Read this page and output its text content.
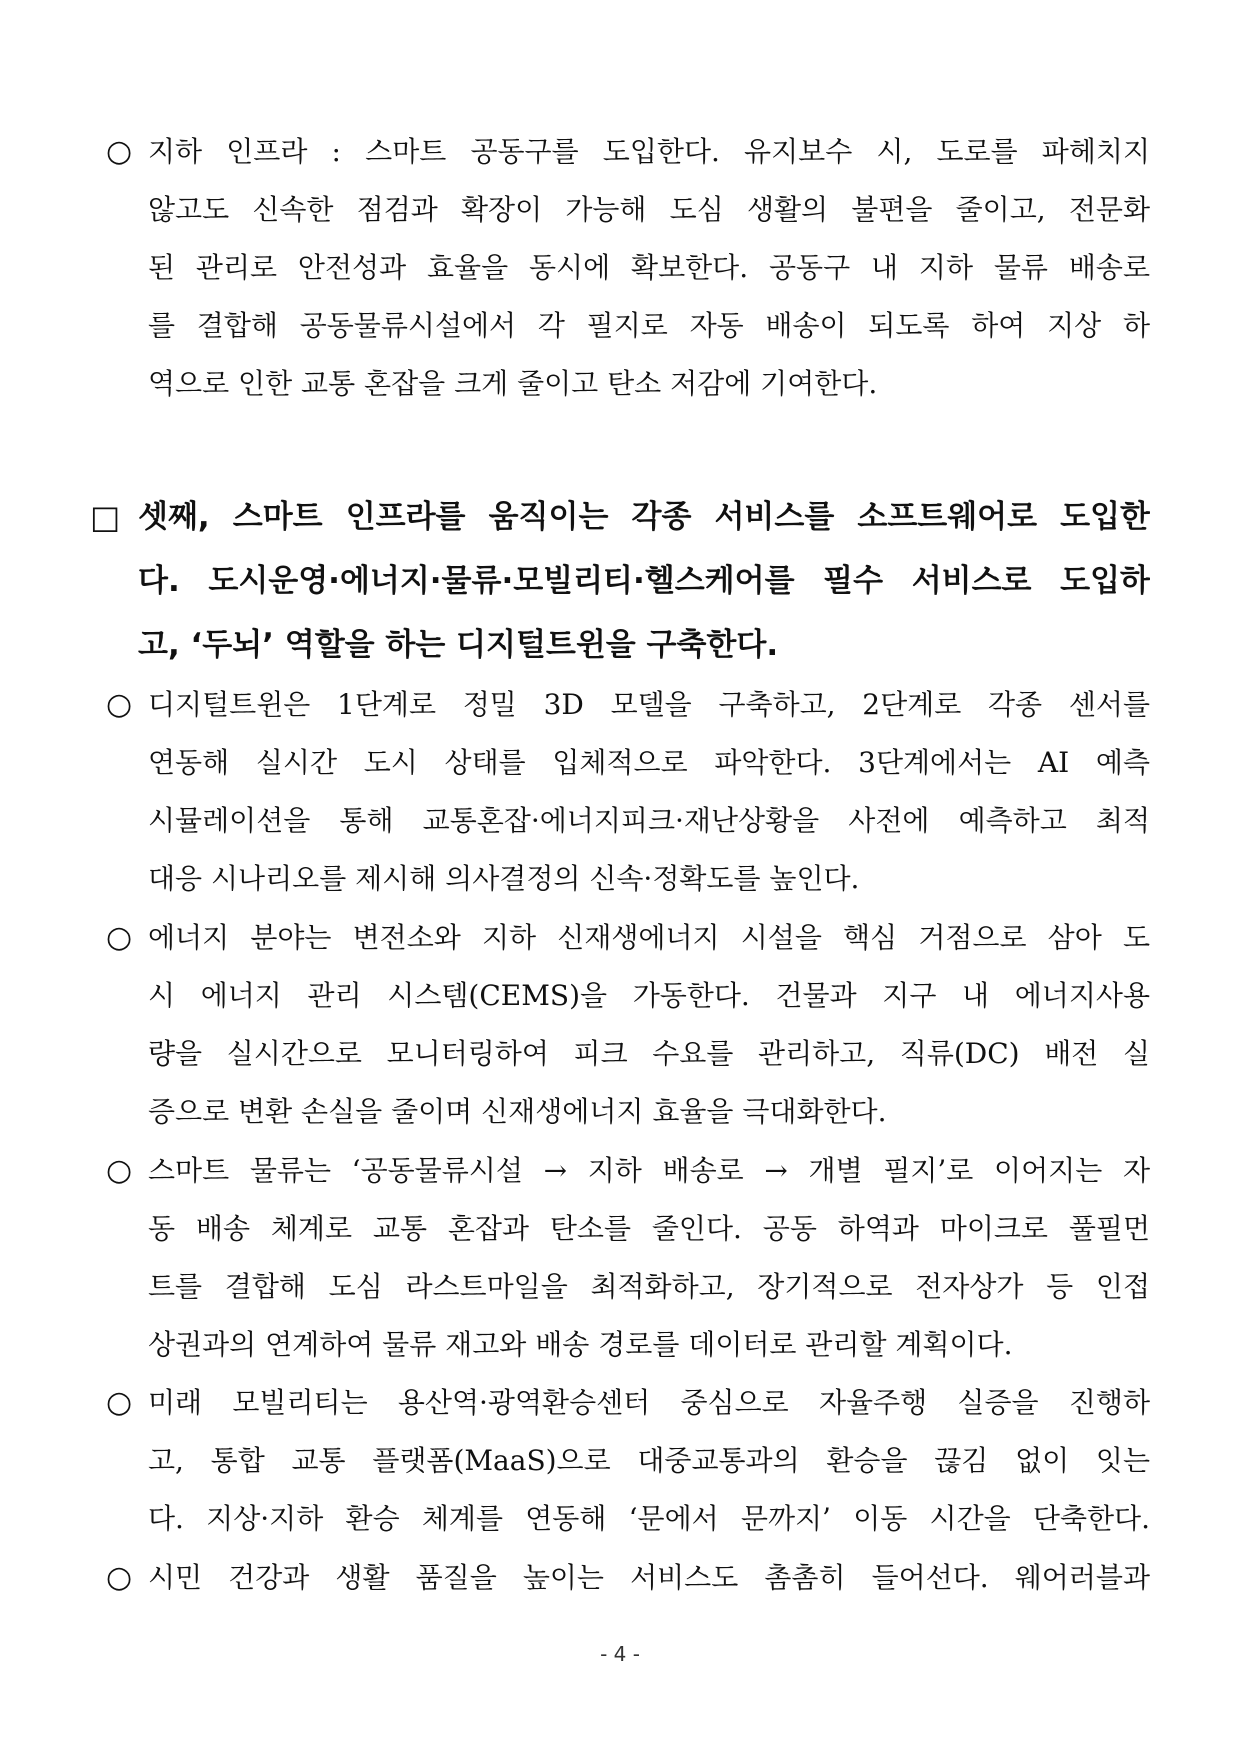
○ 지하 인프라 : 스마트 공동구를 도입한다. 유지보수 시, 도로를 파헤치지
않고도 신속한 점검과 확장이 가능해 도심 생활의 불편을 줄이고, 전문화
된 관리로 안전성과 효율을 동시에 확보한다. 공동구 내 지하 물류 배송로
를 결합해 공동물류시설에서 각 필지로 자동 배송이 되도록 하여 지상 하
역으로 인한 교통 혼잡을 크게 줄이고 탄소 저감에 기여한다.
□ 셋째, 스마트 인프라를 움직이는 각종 서비스를 소프트웨어로 도입한
다. 도시운영·에너지·물류·모빌리티·헬스케어를 필수 서비스로 도입하
고, ‘두뇌’ 역할을 하는 디지털트윈을 구축한다.
○ 디지털트윈은 1단계로 정밀 3D 모델을 구축하고, 2단계로 각종 센서를
연동해 실시간 도시 상태를 입체적으로 파악한다. 3단계에서는 AI 예측
시뮬레이션을 통해 교통혼잡·에너지피크·재난상황을 사전에 예측하고 최적
대응 시나리오를 제시해 의사결정의 신속·정확도를 높인다.
○ 에너지 분야는 변전소와 지하 신재생에너지 시설을 핵심 거점으로 삼아 도
시 에너지 관리 시스템(CEMS)을 가동한다. 건물과 지구 내 에너지사용
량을 실시간으로 모니터링하여 피크 수요를 관리하고, 직류(DC) 배전 실
증으로 변환 손실을 줄이며 신재생에너지 효율을 극대화한다.
○ 스마트 물류는 ‘공동물류시설 → 지하 배송로 → 개별 필지’로 이어지는 자
동 배송 체계로 교통 혼잡과 탄소를 줄인다. 공동 하역과 마이크로 풀필먼
트를 결합해 도심 라스트마일을 최적화하고, 장기적으로 전자상가 등 인접
상권과의 연계하여 물류 재고와 배송 경로를 데이터로 관리할 계획이다.
○ 미래 모빌리티는 용산역·광역환승센터 중심으로 자율주행 실증을 진행하
고, 통합 교통 플랫폼(MaaS)으로 대중교통과의 환승을 끊김 없이 잇는
다. 지상·지하 환승 체계를 연동해 ‘문에서 문까지’ 이동 시간을 단축한다.
○ 시민 건강과 생활 품질을 높이는 서비스도 촘촘히 들어선다. 웨어러블과
- 4 -
